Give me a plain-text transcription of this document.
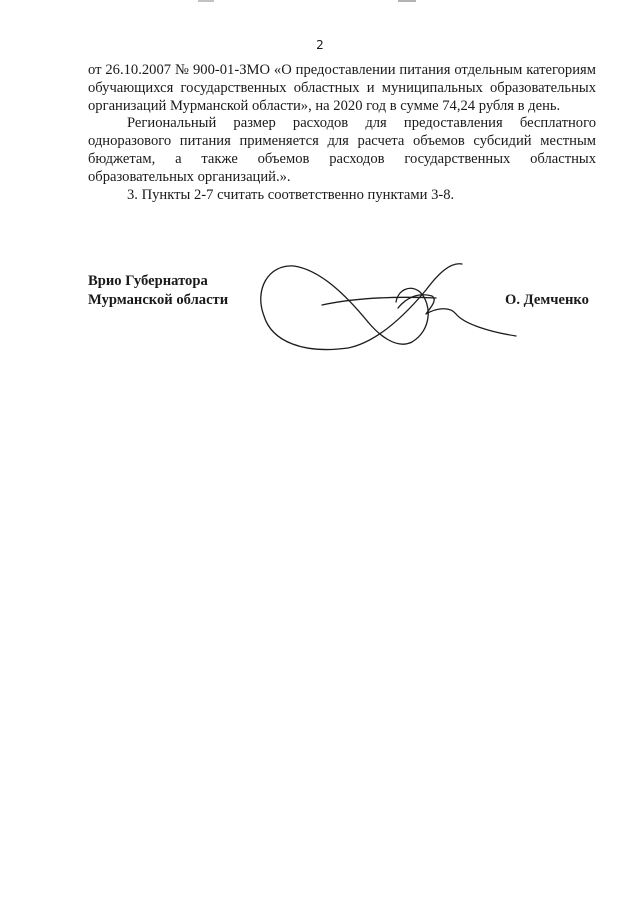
2

от 26.10.2007 № 900-01-ЗМО «О предоставлении питания отдельным категориям обучающихся государственных областных и муниципальных образовательных организаций Мурманской области», на 2020 год в сумме 74,24 рубля в день.

Региональный размер расходов для предоставления бесплатного одноразового питания применяется для расчета объемов субсидий местным бюджетам, а также объемов расходов государственных областных образовательных организаций.».

3. Пункты 2-7 считать соответственно пунктами 3-8.

Врио Губернатора
Мурманской области	О. Демченко
